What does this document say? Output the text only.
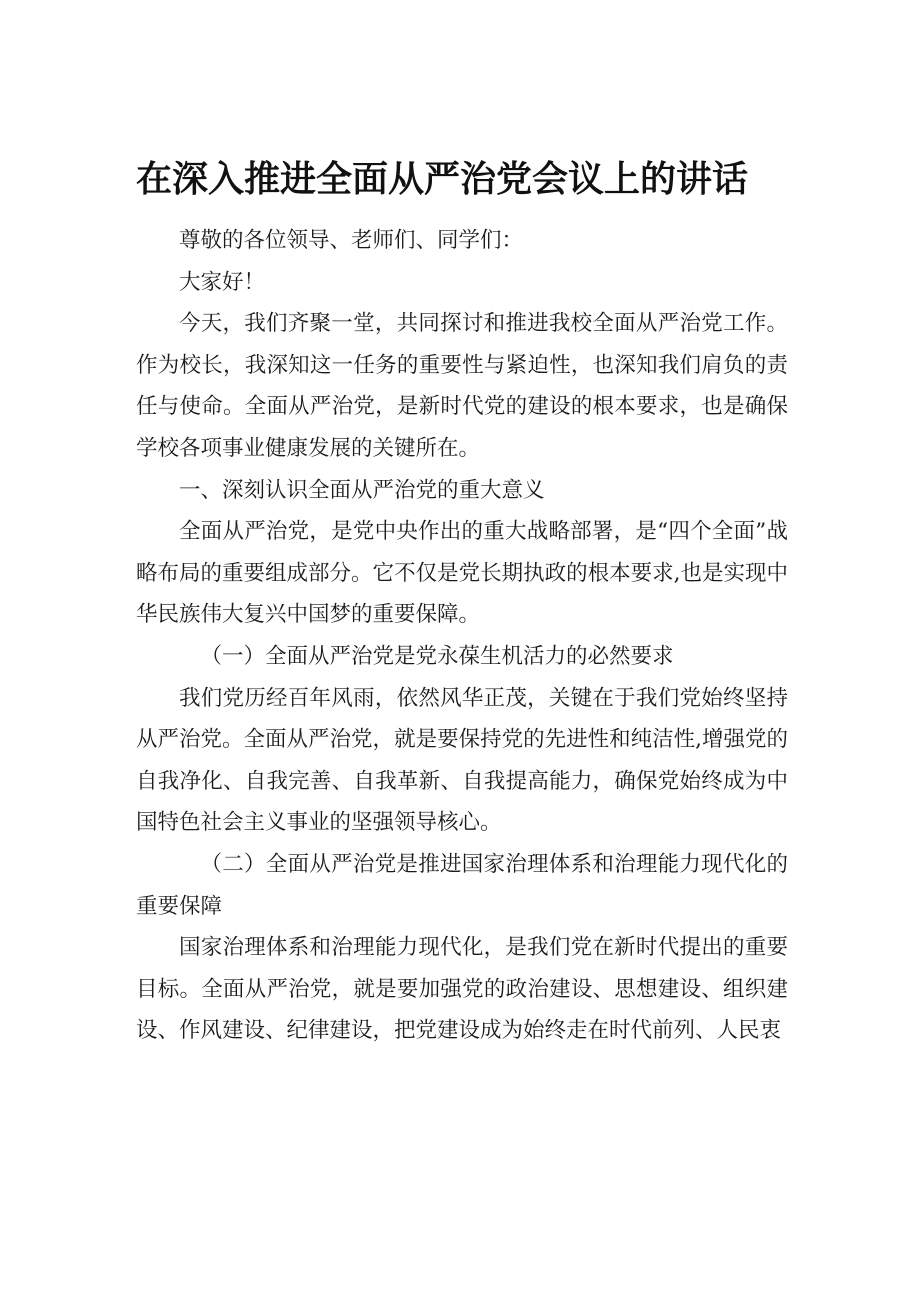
在深入推进全面从严治党会议上的讲话

尊敬的各位领导、老师们、同学们：

大家好！

今天，我们齐聚一堂，共同探讨和推进我校全面从严治党工作。作为校长，我深知这一任务的重要性与紧迫性，也深知我们肩负的责任与使命。全面从严治党，是新时代党的建设的根本要求，也是确保学校各项事业健康发展的关键所在。

一、深刻认识全面从严治党的重大意义

全面从严治党，是党中央作出的重大战略部署，是“四个全面”战略布局的重要组成部分。它不仅是党长期执政的根本要求,也是实现中华民族伟大复兴中国梦的重要保障。

（一）全面从严治党是党永葆生机活力的必然要求

我们党历经百年风雨，依然风华正茂，关键在于我们党始终坚持从严治党。全面从严治党，就是要保持党的先进性和纯洁性,增强党的自我净化、自我完善、自我革新、自我提高能力，确保党始终成为中国特色社会主义事业的坚强领导核心。

（二）全面从严治党是推进国家治理体系和治理能力现代化的重要保障

国家治理体系和治理能力现代化，是我们党在新时代提出的重要目标。全面从严治党，就是要加强党的政治建设、思想建设、组织建设、作风建设、纪律建设，把党建设成为始终走在时代前列、人民衷
